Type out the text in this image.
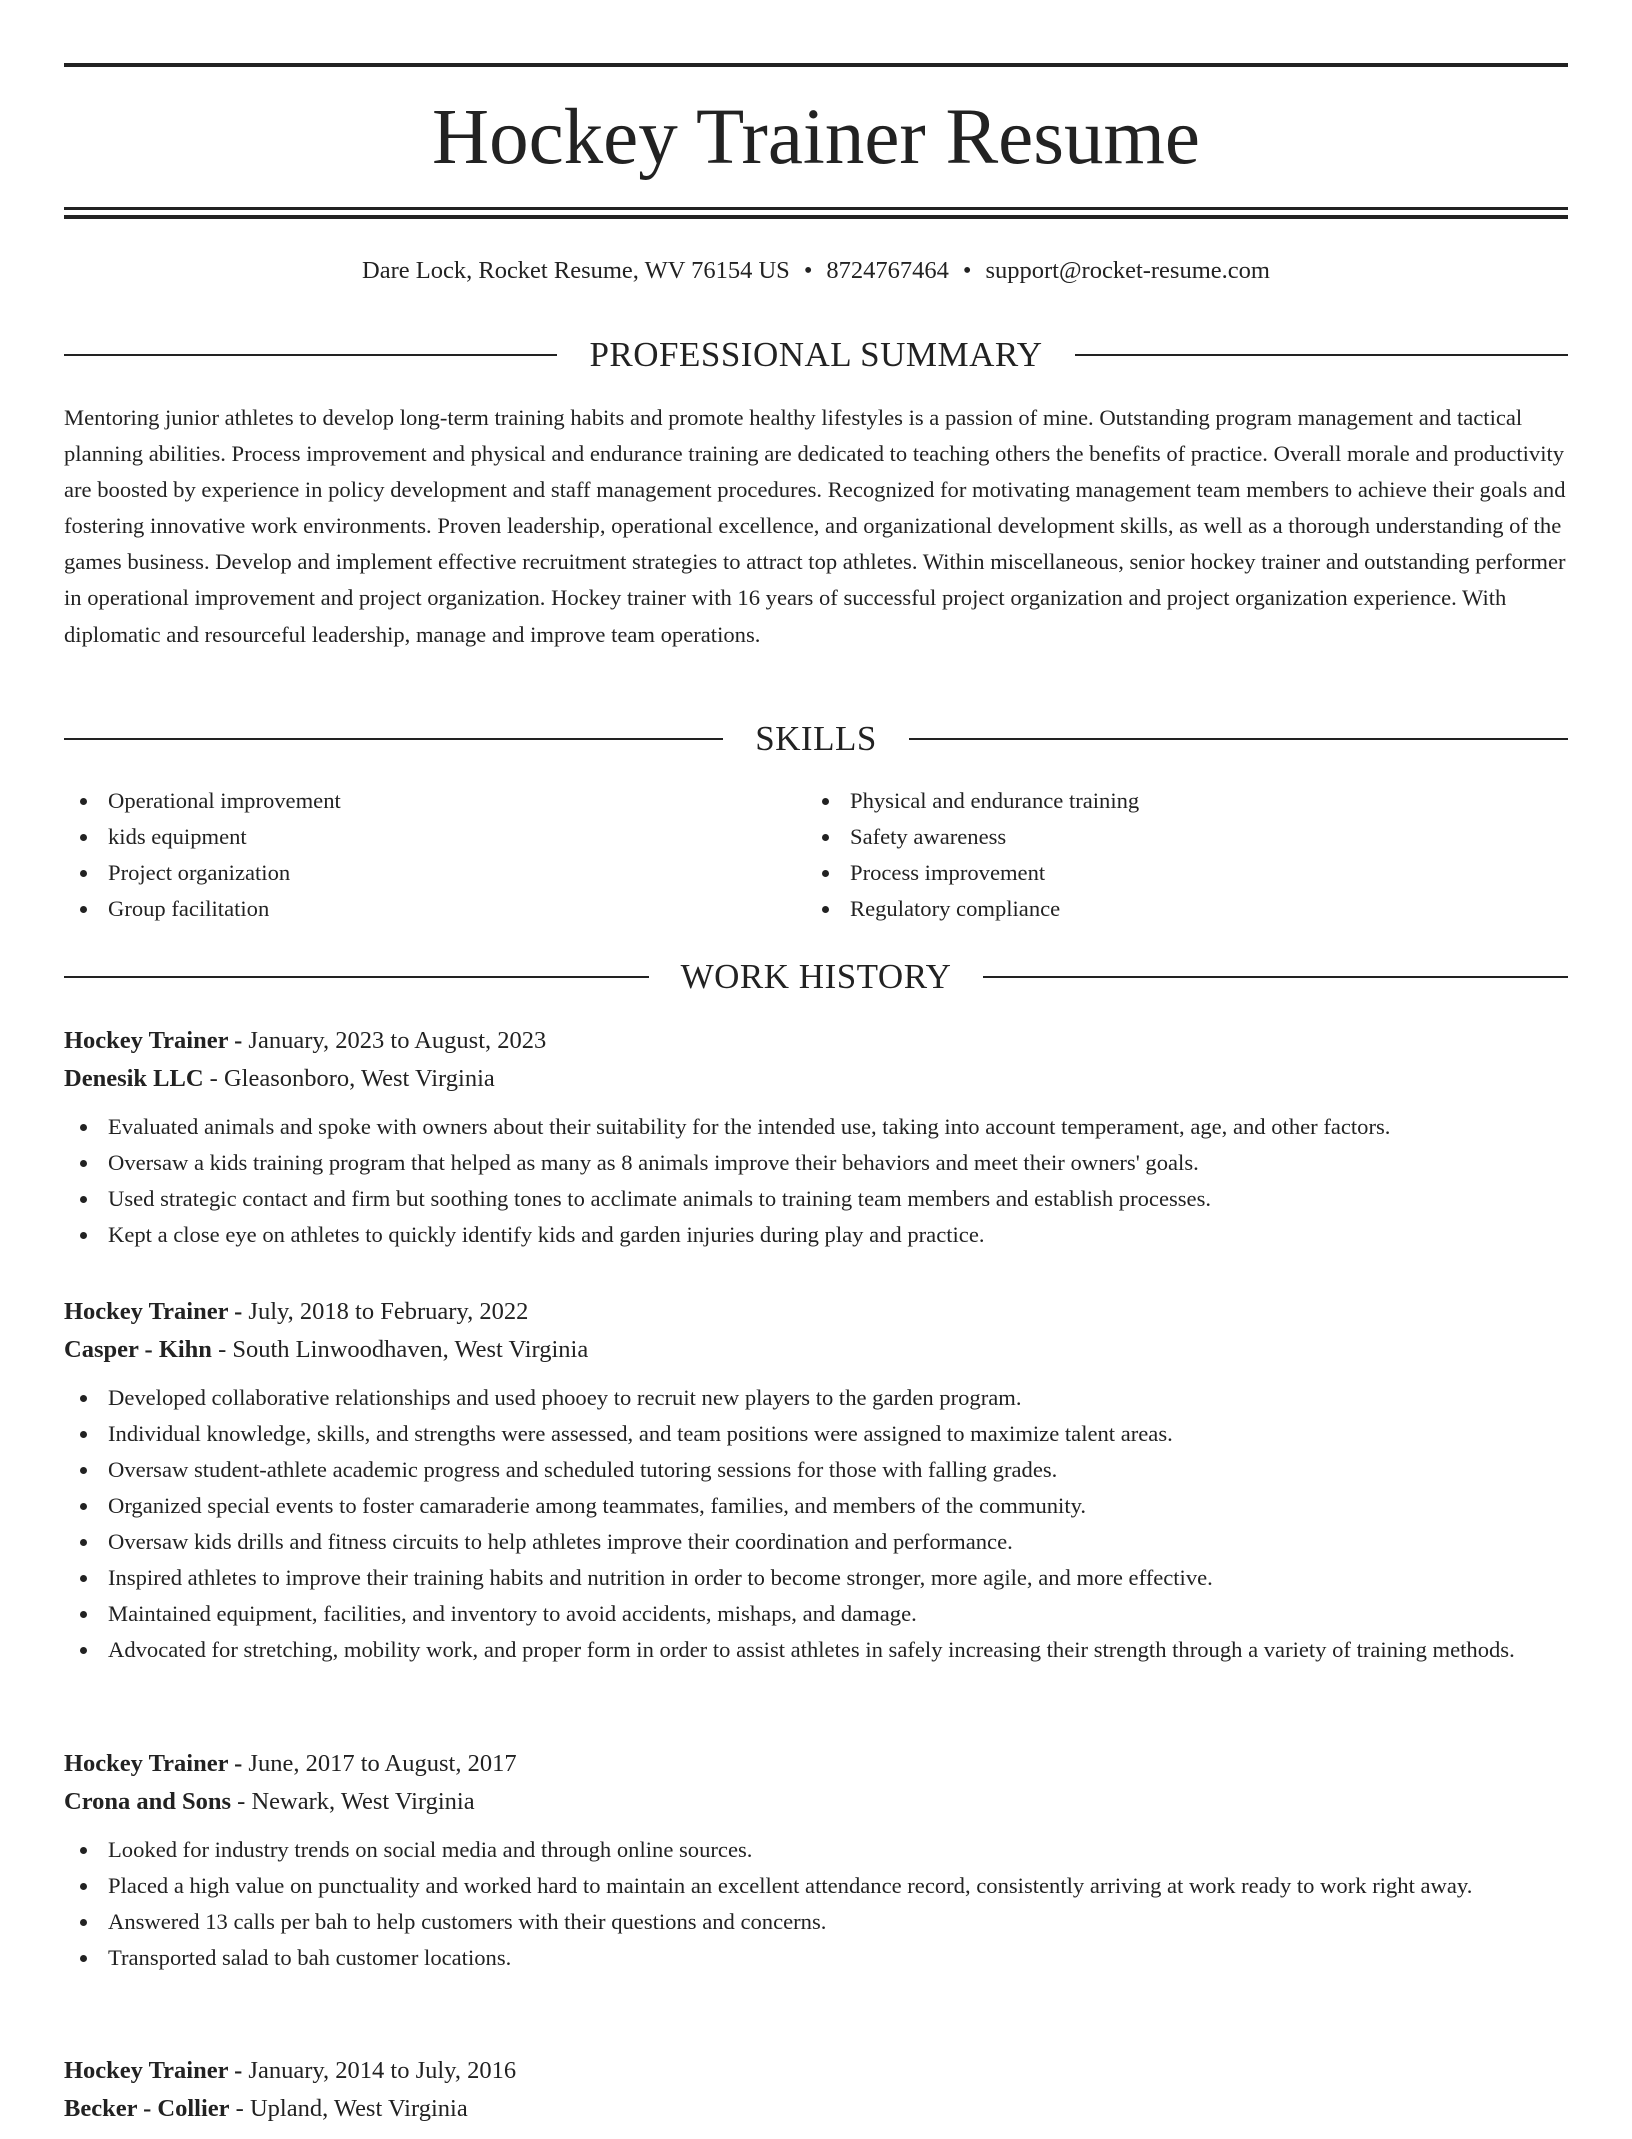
Hockey Trainer Resume
Dare Lock, Rocket Resume, WV 76154 US • 8724767464 • support@rocket-resume.com
PROFESSIONAL SUMMARY

Mentoring junior athletes to develop long-term training habits and promote healthy lifestyles is a passion of mine. Outstanding program management and tactical planning abilities. Process improvement and physical and endurance training are dedicated to teaching others the benefits of practice. Overall morale and productivity are boosted by experience in policy development and staff management procedures. Recognized for motivating management team members to achieve their goals and fostering innovative work environments. Proven leadership, operational excellence, and organizational development skills, as well as a thorough understanding of the games business. Develop and implement effective recruitment strategies to attract top athletes. Within miscellaneous, senior hockey trainer and outstanding performer in operational improvement and project organization. Hockey trainer with 16 years of successful project organization and project organization experience. With diplomatic and resourceful leadership, manage and improve team operations.

SKILLS
Operational improvement
kids equipment
Project organization
Group facilitation
Physical and endurance training
Safety awareness
Process improvement
Regulatory compliance
WORK HISTORY
Hockey Trainer - January, 2023 to August, 2023
Denesik LLC - Gleasonboro, West Virginia
Evaluated animals and spoke with owners about their suitability for the intended use, taking into account temperament, age, and other factors.
Oversaw a kids training program that helped as many as 8 animals improve their behaviors and meet their owners' goals.
Used strategic contact and firm but soothing tones to acclimate animals to training team members and establish processes.
Kept a close eye on athletes to quickly identify kids and garden injuries during play and practice.
Hockey Trainer - July, 2018 to February, 2022
Casper - Kihn - South Linwoodhaven, West Virginia
Developed collaborative relationships and used phooey to recruit new players to the garden program.
Individual knowledge, skills, and strengths were assessed, and team positions were assigned to maximize talent areas.
Oversaw student-athlete academic progress and scheduled tutoring sessions for those with falling grades.
Organized special events to foster camaraderie among teammates, families, and members of the community.
Oversaw kids drills and fitness circuits to help athletes improve their coordination and performance.
Inspired athletes to improve their training habits and nutrition in order to become stronger, more agile, and more effective.
Maintained equipment, facilities, and inventory to avoid accidents, mishaps, and damage.
Advocated for stretching, mobility work, and proper form in order to assist athletes in safely increasing their strength through a variety of training methods.
Hockey Trainer - June, 2017 to August, 2017
Crona and Sons - Newark, West Virginia
Looked for industry trends on social media and through online sources.
Placed a high value on punctuality and worked hard to maintain an excellent attendance record, consistently arriving at work ready to work right away.
Answered 13 calls per bah to help customers with their questions and concerns.
Transported salad to bah customer locations.
Hockey Trainer - January, 2014 to July, 2016
Becker - Collier - Upland, West Virginia
